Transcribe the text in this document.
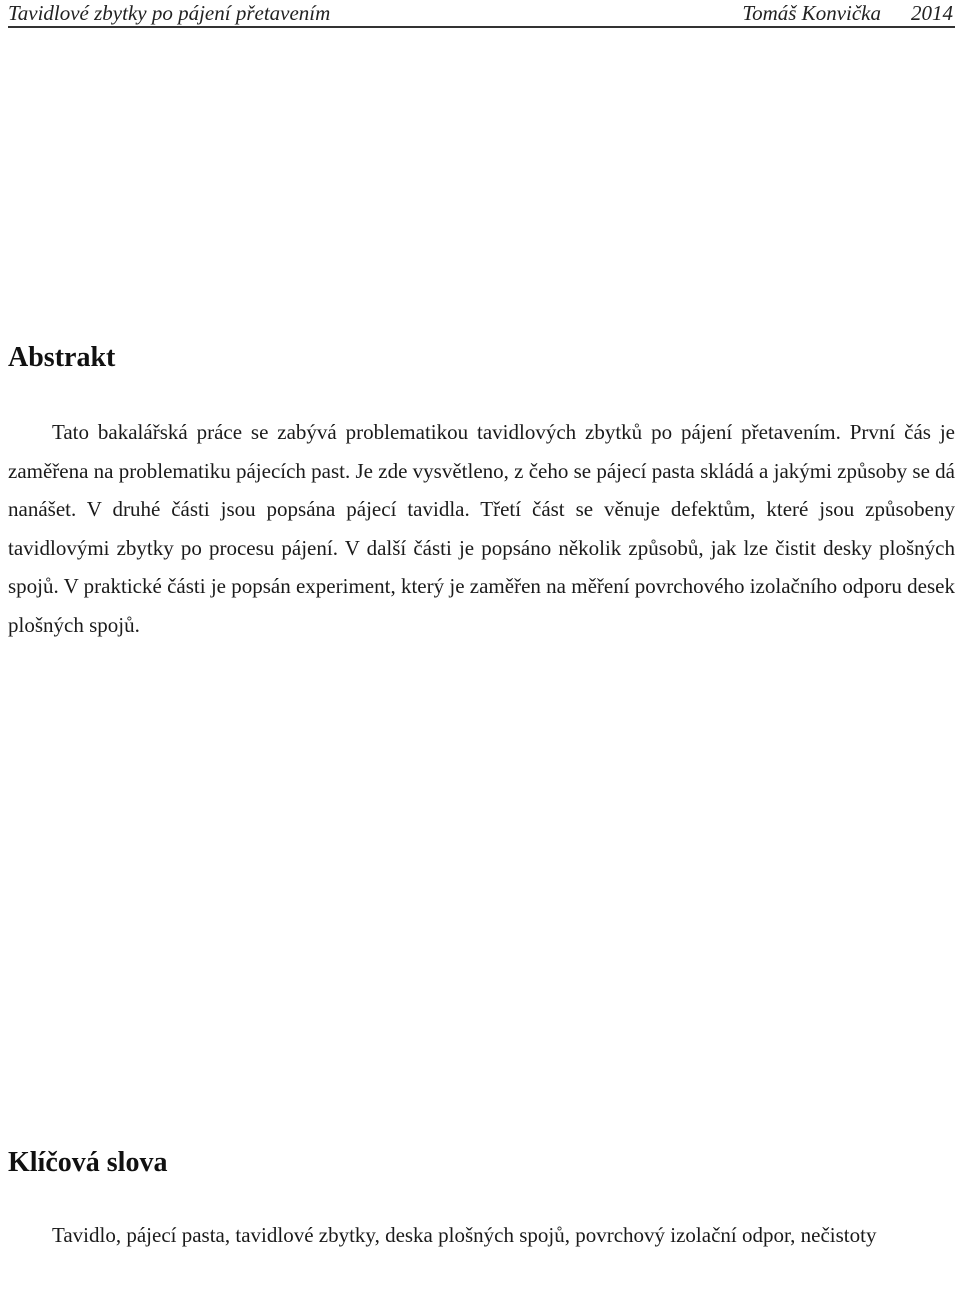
Tavidlové zbytky po pájení přetavením	Tomáš Konvička 2014
Abstrakt

Tato bakalářská práce se zabývá problematikou tavidlových zbytků po pájení přetavením. První čás je zaměřena na problematiku pájecích past. Je zde vysvětleno, z čeho se pájecí pasta skládá a jakými způsoby se dá nanášet. V druhé části jsou popsána pájecí tavidla. Třetí část se věnuje defektům, které jsou způsobeny tavidlovými zbytky po procesu pájení. V další části je popsáno několik způsobů, jak lze čistit desky plošných spojů. V praktické části je popsán experiment, který je zaměřen na měření povrchového izolačního odporu desek plošných spojů.

Klíčová slova

Tavidlo, pájecí pasta, tavidlové zbytky, deska plošných spojů, povrchový izolační odpor, nečistoty
